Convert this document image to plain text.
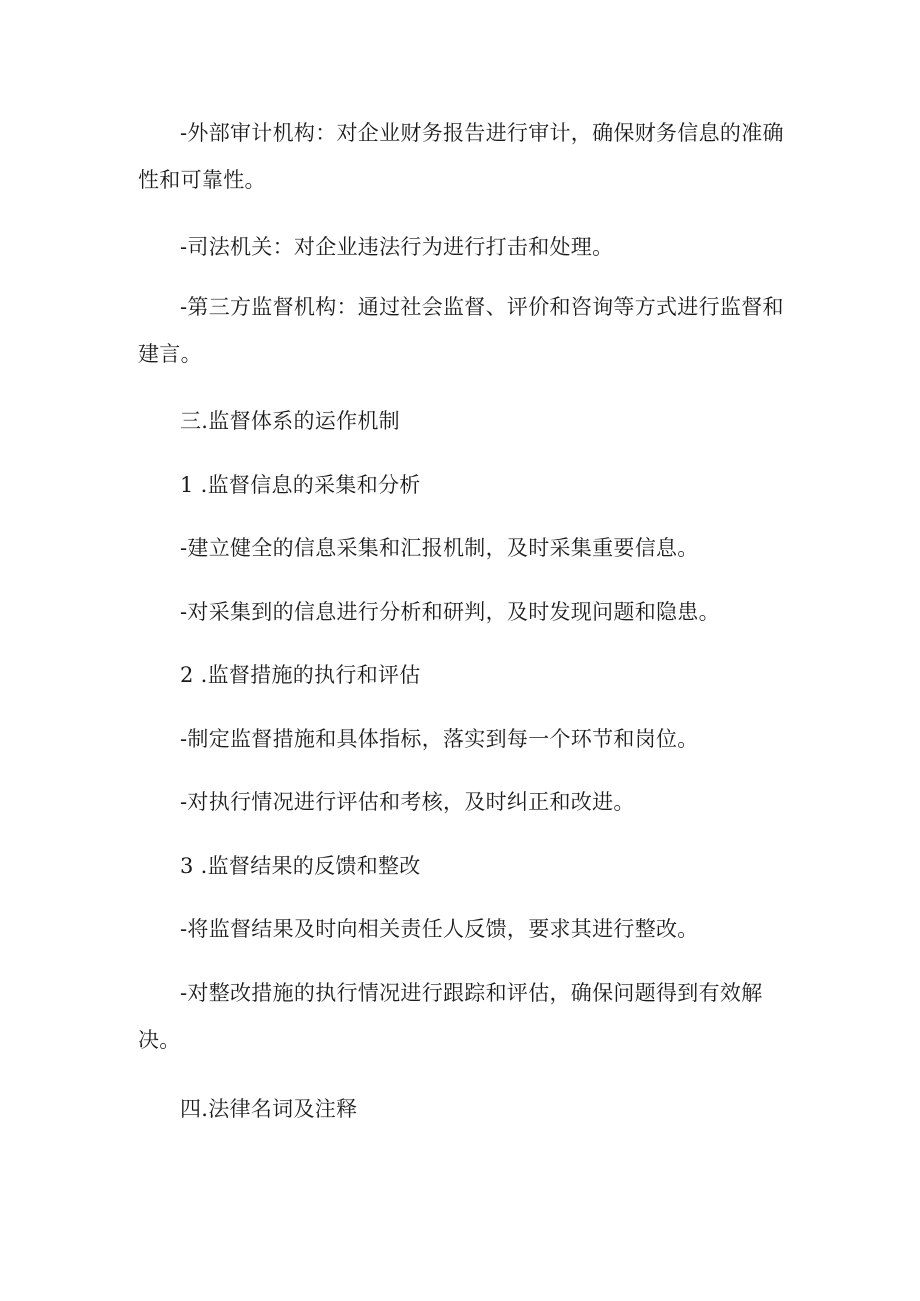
-外部审计机构：对企业财务报告进行审计，确保财务信息的准确性和可靠性。

-司法机关：对企业违法行为进行打击和处理。

-第三方监督机构：通过社会监督、评价和咨询等方式进行监督和建言。

三.监督体系的运作机制

1 .监督信息的采集和分析

-建立健全的信息采集和汇报机制，及时采集重要信息。

-对采集到的信息进行分析和研判，及时发现问题和隐患。

2 .监督措施的执行和评估

-制定监督措施和具体指标，落实到每一个环节和岗位。

-对执行情况进行评估和考核，及时纠正和改进。

3 .监督结果的反馈和整改

-将监督结果及时向相关责任人反馈，要求其进行整改。

-对整改措施的执行情况进行跟踪和评估，确保问题得到有效解决。

四.法律名词及注释
